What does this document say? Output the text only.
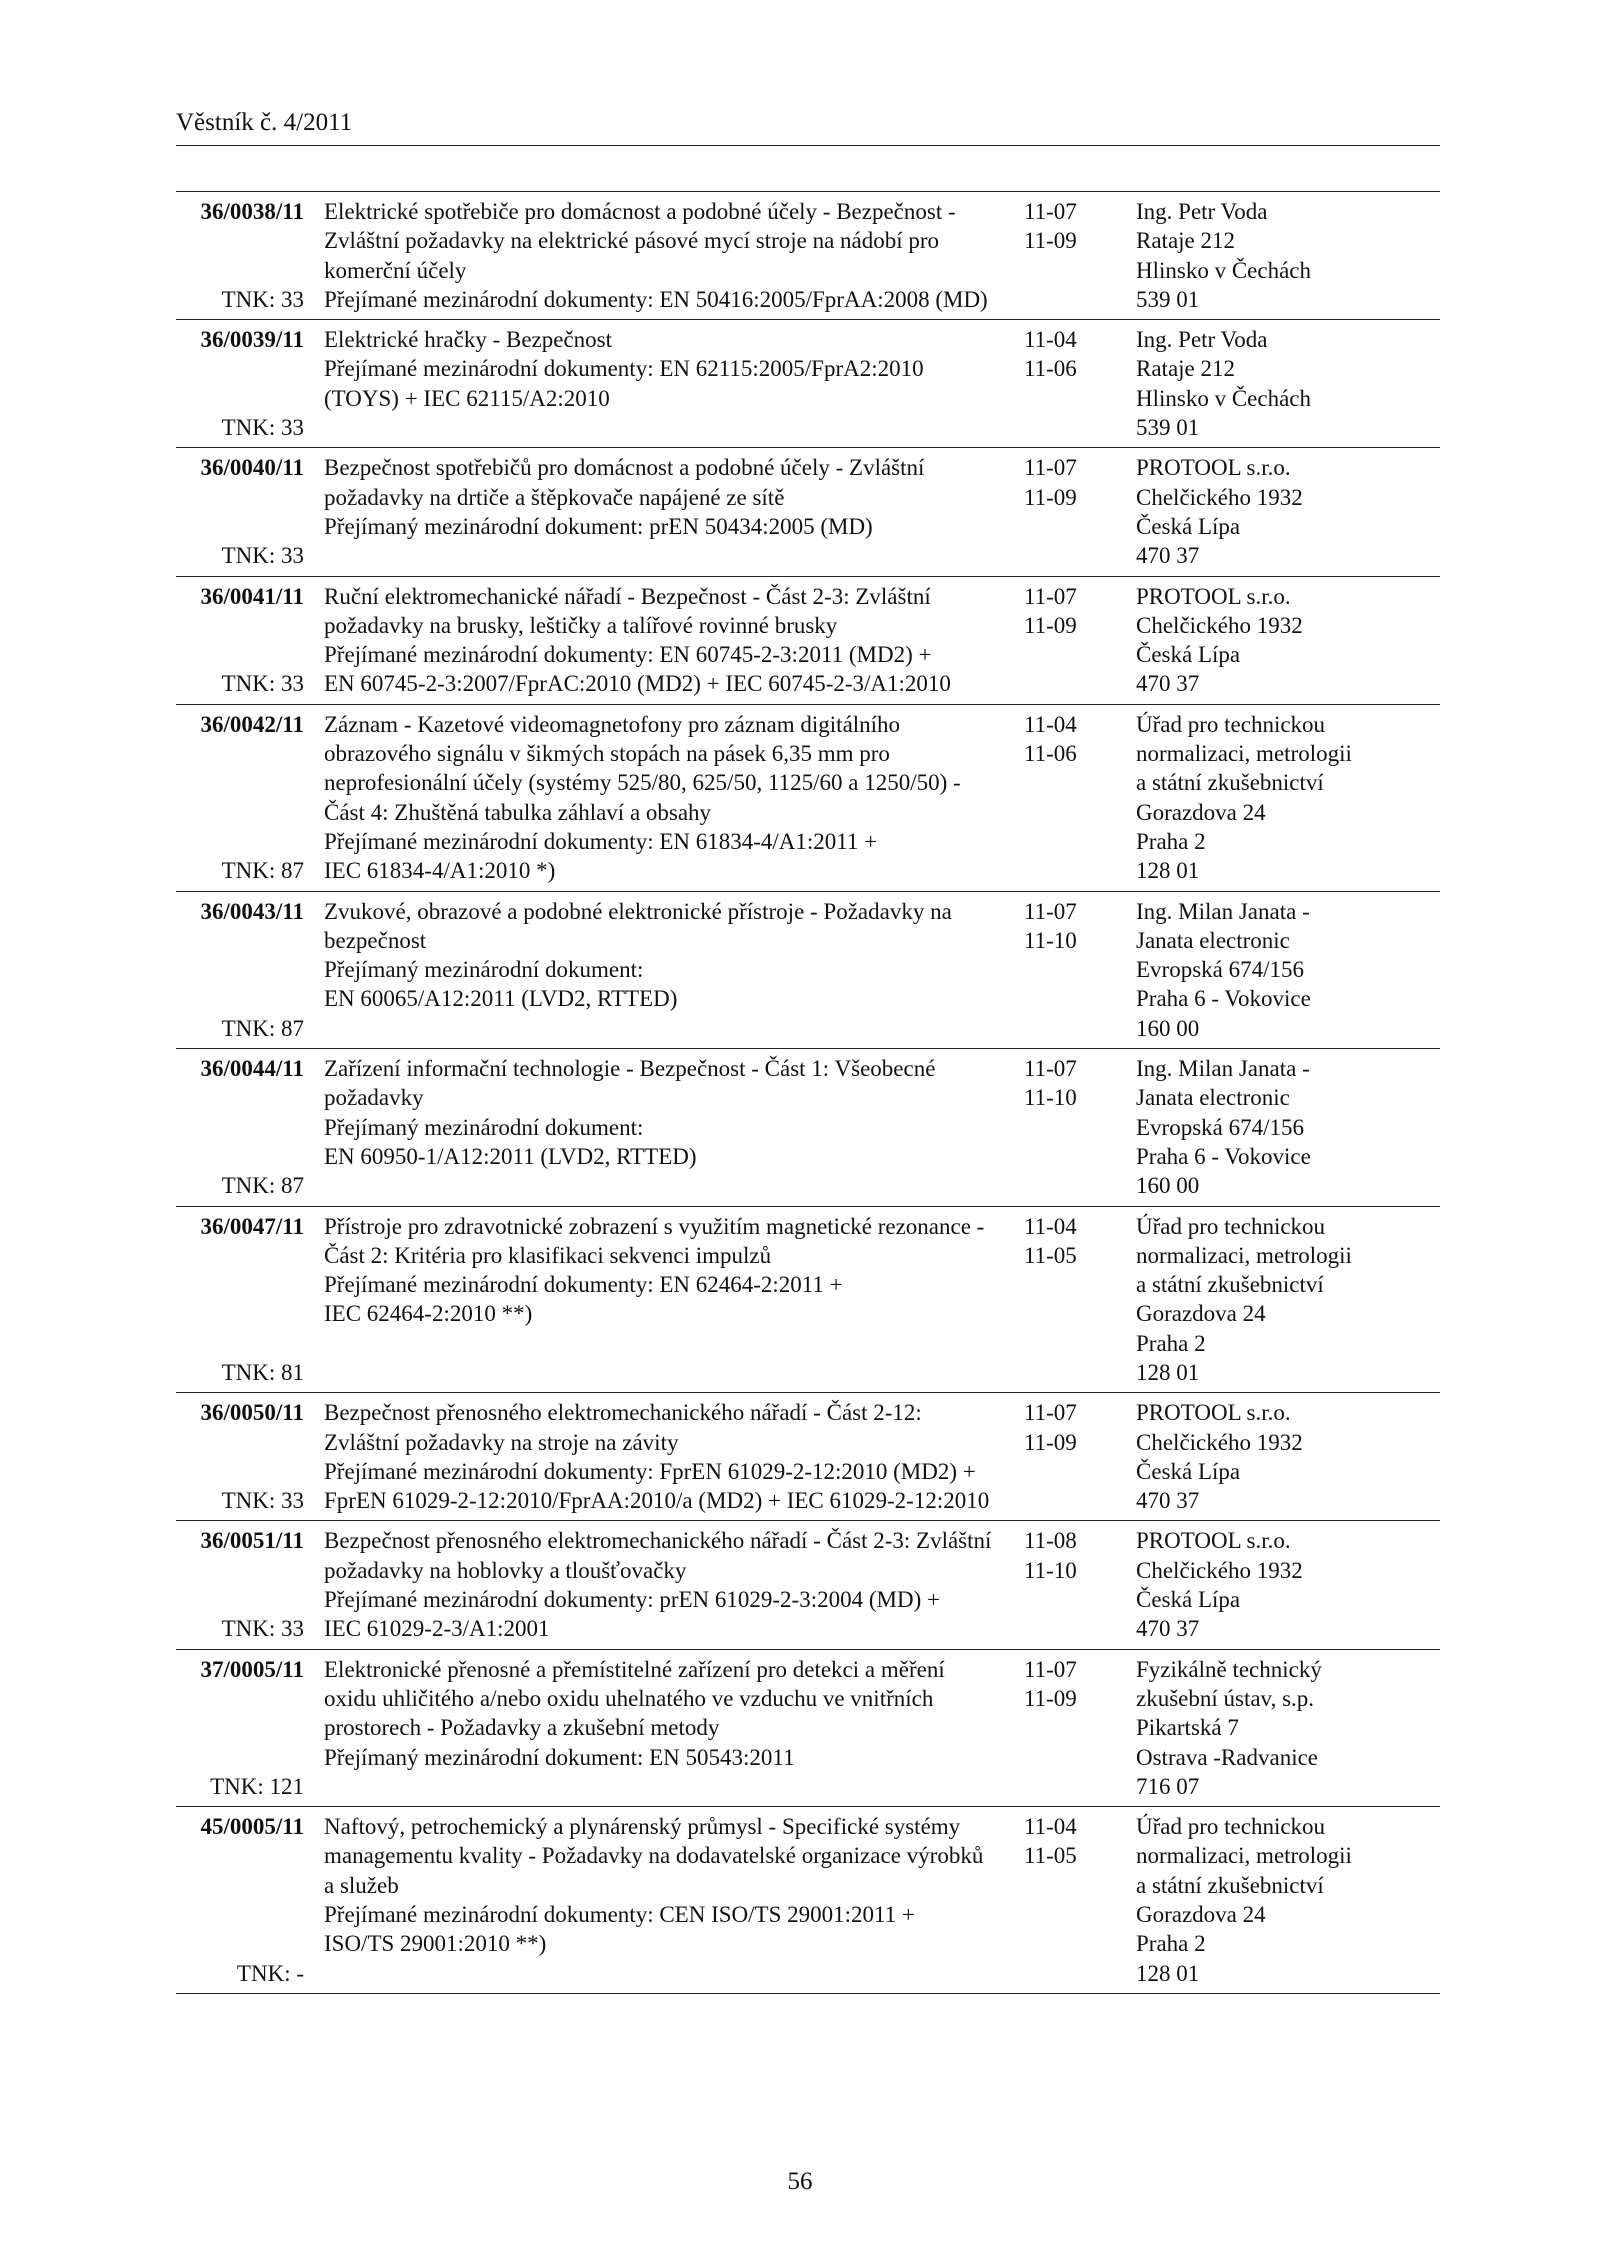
Věstník č. 4/2011
36/0038/11
TNK: 33
Elektrické spotřebiče pro domácnost a podobné účely - Bezpečnost -
Zvláštní požadavky na elektrické pásové mycí stroje na nádobí pro
komerční účely
Přejímané mezinárodní dokumenty: EN 50416:2005/FprAA:2008 (MD)
11-07
11-09
Ing. Petr Voda
Rataje 212
Hlinsko v Čechách
539 01
36/0039/11
TNK: 33
Elektrické hračky - Bezpečnost
Přejímané mezinárodní dokumenty: EN 62115:2005/FprA2:2010
(TOYS) + IEC 62115/A2:2010
11-04
11-06
Ing. Petr Voda
Rataje 212
Hlinsko v Čechách
539 01
36/0040/11
TNK: 33
Bezpečnost spotřebičů pro domácnost a podobné účely - Zvláštní
požadavky na drtiče a štěpkovače napájené ze sítě
Přejímaný mezinárodní dokument: prEN 50434:2005 (MD)
11-07
11-09
PROTOOL s.r.o.
Chelčického 1932
Česká Lípa
470 37
36/0041/11
TNK: 33
Ruční elektromechanické nářadí - Bezpečnost - Část 2-3: Zvláštní
požadavky na brusky, leštičky a talířové rovinné brusky
Přejímané mezinárodní dokumenty: EN 60745-2-3:2011 (MD2) +
EN 60745-2-3:2007/FprAC:2010 (MD2) + IEC 60745-2-3/A1:2010
11-07
11-09
PROTOOL s.r.o.
Chelčického 1932
Česká Lípa
470 37
36/0042/11
TNK: 87
Záznam - Kazetové videomagnetofony pro záznam digitálního
obrazového signálu v šikmých stopách na pásek 6,35 mm pro
neprofesionální účely (systémy 525/80, 625/50, 1125/60 a 1250/50) -
Část 4: Zhuštěná tabulka záhlaví a obsahy
Přejímané mezinárodní dokumenty: EN 61834-4/A1:2011 +
IEC 61834-4/A1:2010 *)
11-04
11-06
Úřad pro technickou
normalizaci, metrologii
a státní zkušebnictví
Gorazdova 24
Praha 2
128 01
36/0043/11
TNK: 87
Zvukové, obrazové a podobné elektronické přístroje - Požadavky na
bezpečnost
Přejímaný mezinárodní dokument:
EN 60065/A12:2011 (LVD2, RTTED)
11-07
11-10
Ing. Milan Janata -
Janata electronic
Evropská 674/156
Praha 6 - Vokovice
160 00
36/0044/11
TNK: 87
Zařízení informační technologie - Bezpečnost - Část 1: Všeobecné
požadavky
Přejímaný mezinárodní dokument:
EN 60950-1/A12:2011 (LVD2, RTTED)
11-07
11-10
Ing. Milan Janata -
Janata electronic
Evropská 674/156
Praha 6 - Vokovice
160 00
36/0047/11
TNK: 81
Přístroje pro zdravotnické zobrazení s využitím magnetické rezonance -
Část 2: Kritéria pro klasifikaci sekvenci impulzů
Přejímané mezinárodní dokumenty: EN 62464-2:2011 +
IEC 62464-2:2010 **)
11-04
11-05
Úřad pro technickou
normalizaci, metrologii
a státní zkušebnictví
Gorazdova 24
Praha 2
128 01
36/0050/11
TNK: 33
Bezpečnost přenosného elektromechanického nářadí - Část 2-12:
Zvláštní požadavky na stroje na závity
Přejímané mezinárodní dokumenty: FprEN 61029-2-12:2010 (MD2) +
FprEN 61029-2-12:2010/FprAA:2010/a (MD2) + IEC 61029-2-12:2010
11-07
11-09
PROTOOL s.r.o.
Chelčického 1932
Česká Lípa
470 37
36/0051/11
TNK: 33
Bezpečnost přenosného elektromechanického nářadí - Část 2-3: Zvláštní
požadavky na hoblovky a tloušťovačky
Přejímané mezinárodní dokumenty: prEN 61029-2-3:2004 (MD) +
IEC 61029-2-3/A1:2001
11-08
11-10
PROTOOL s.r.o.
Chelčického 1932
Česká Lípa
470 37
37/0005/11
TNK: 121
Elektronické přenosné a přemístitelné zařízení pro detekci a měření
oxidu uhličitého a/nebo oxidu uhelnatého ve vzduchu ve vnitřních
prostorech - Požadavky a zkušební metody
Přejímaný mezinárodní dokument: EN 50543:2011
11-07
11-09
Fyzikálně technický
zkušební ústav, s.p.
Pikartská 7
Ostrava -Radvanice
716 07
45/0005/11
TNK: -
Naftový, petrochemický a plynárenský průmysl - Specifické systémy
managementu kvality - Požadavky na dodavatelské organizace výrobků
a služeb
Přejímané mezinárodní dokumenty: CEN ISO/TS 29001:2011 +
ISO/TS 29001:2010 **)
11-04
11-05
Úřad pro technickou
normalizaci, metrologii
a státní zkušebnictví
Gorazdova 24
Praha 2
128 01
56
